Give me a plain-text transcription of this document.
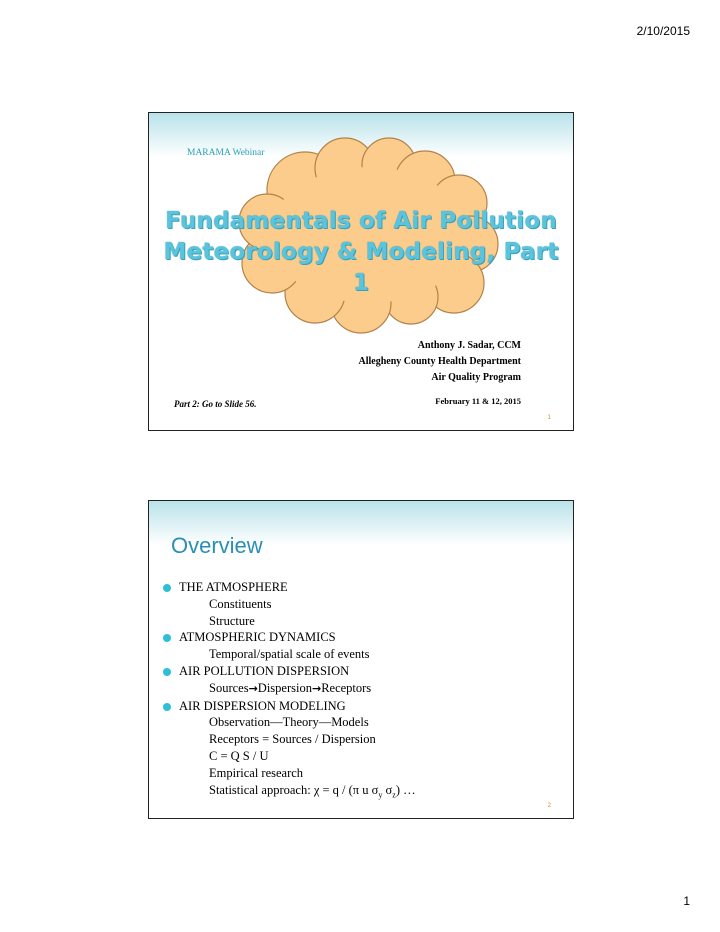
2/10/2015
MARAMA Webinar
Fundamentals of Air Pollution
Meteorology & Modeling, Part 1
Anthony J. Sadar, CCM
Allegheny County Health Department
Air Quality Program
Part 2: Go to Slide 56.	February 11 & 12, 2015
1
Overview
THE ATMOSPHERE
Constituents
Structure
ATMOSPHERIC DYNAMICS
Temporal/spatial scale of events
AIR POLLUTION DISPERSION
Sources→Dispersion→Receptors
AIR DISPERSION MODELING
Observation—Theory—Models
Receptors = Sources / Dispersion
C = Q S / U
Empirical research
Statistical approach: χ = q / (π u $\sigma_y$ $\sigma_z$) …
2
1
